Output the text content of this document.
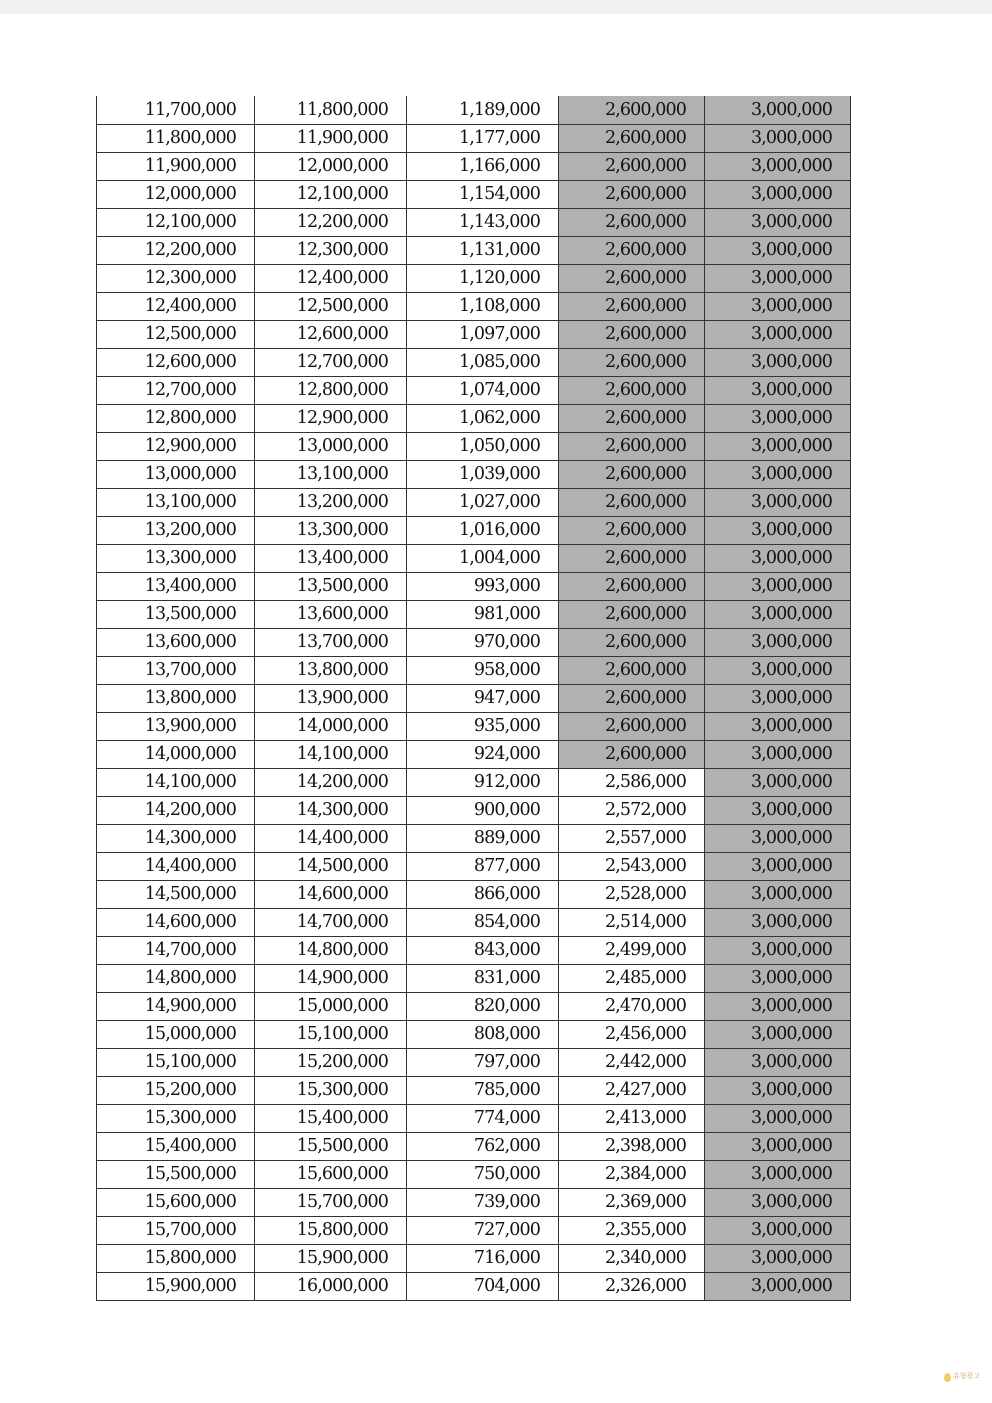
11,700,000	11,800,000	1,189,000	2,600,000	3,000,000
11,800,000	11,900,000	1,177,000	2,600,000	3,000,000
11,900,000	12,000,000	1,166,000	2,600,000	3,000,000
12,000,000	12,100,000	1,154,000	2,600,000	3,000,000
12,100,000	12,200,000	1,143,000	2,600,000	3,000,000
12,200,000	12,300,000	1,131,000	2,600,000	3,000,000
12,300,000	12,400,000	1,120,000	2,600,000	3,000,000
12,400,000	12,500,000	1,108,000	2,600,000	3,000,000
12,500,000	12,600,000	1,097,000	2,600,000	3,000,000
12,600,000	12,700,000	1,085,000	2,600,000	3,000,000
12,700,000	12,800,000	1,074,000	2,600,000	3,000,000
12,800,000	12,900,000	1,062,000	2,600,000	3,000,000
12,900,000	13,000,000	1,050,000	2,600,000	3,000,000
13,000,000	13,100,000	1,039,000	2,600,000	3,000,000
13,100,000	13,200,000	1,027,000	2,600,000	3,000,000
13,200,000	13,300,000	1,016,000	2,600,000	3,000,000
13,300,000	13,400,000	1,004,000	2,600,000	3,000,000
13,400,000	13,500,000	993,000	2,600,000	3,000,000
13,500,000	13,600,000	981,000	2,600,000	3,000,000
13,600,000	13,700,000	970,000	2,600,000	3,000,000
13,700,000	13,800,000	958,000	2,600,000	3,000,000
13,800,000	13,900,000	947,000	2,600,000	3,000,000
13,900,000	14,000,000	935,000	2,600,000	3,000,000
14,000,000	14,100,000	924,000	2,600,000	3,000,000
14,100,000	14,200,000	912,000	2,586,000	3,000,000
14,200,000	14,300,000	900,000	2,572,000	3,000,000
14,300,000	14,400,000	889,000	2,557,000	3,000,000
14,400,000	14,500,000	877,000	2,543,000	3,000,000
14,500,000	14,600,000	866,000	2,528,000	3,000,000
14,600,000	14,700,000	854,000	2,514,000	3,000,000
14,700,000	14,800,000	843,000	2,499,000	3,000,000
14,800,000	14,900,000	831,000	2,485,000	3,000,000
14,900,000	15,000,000	820,000	2,470,000	3,000,000
15,000,000	15,100,000	808,000	2,456,000	3,000,000
15,100,000	15,200,000	797,000	2,442,000	3,000,000
15,200,000	15,300,000	785,000	2,427,000	3,000,000
15,300,000	15,400,000	774,000	2,413,000	3,000,000
15,400,000	15,500,000	762,000	2,398,000	3,000,000
15,500,000	15,600,000	750,000	2,384,000	3,000,000
15,600,000	15,700,000	739,000	2,369,000	3,000,000
15,700,000	15,800,000	727,000	2,355,000	3,000,000
15,800,000	15,900,000	716,000	2,340,000	3,000,000
15,900,000	16,000,000	704,000	2,326,000	3,000,000
유형광고
